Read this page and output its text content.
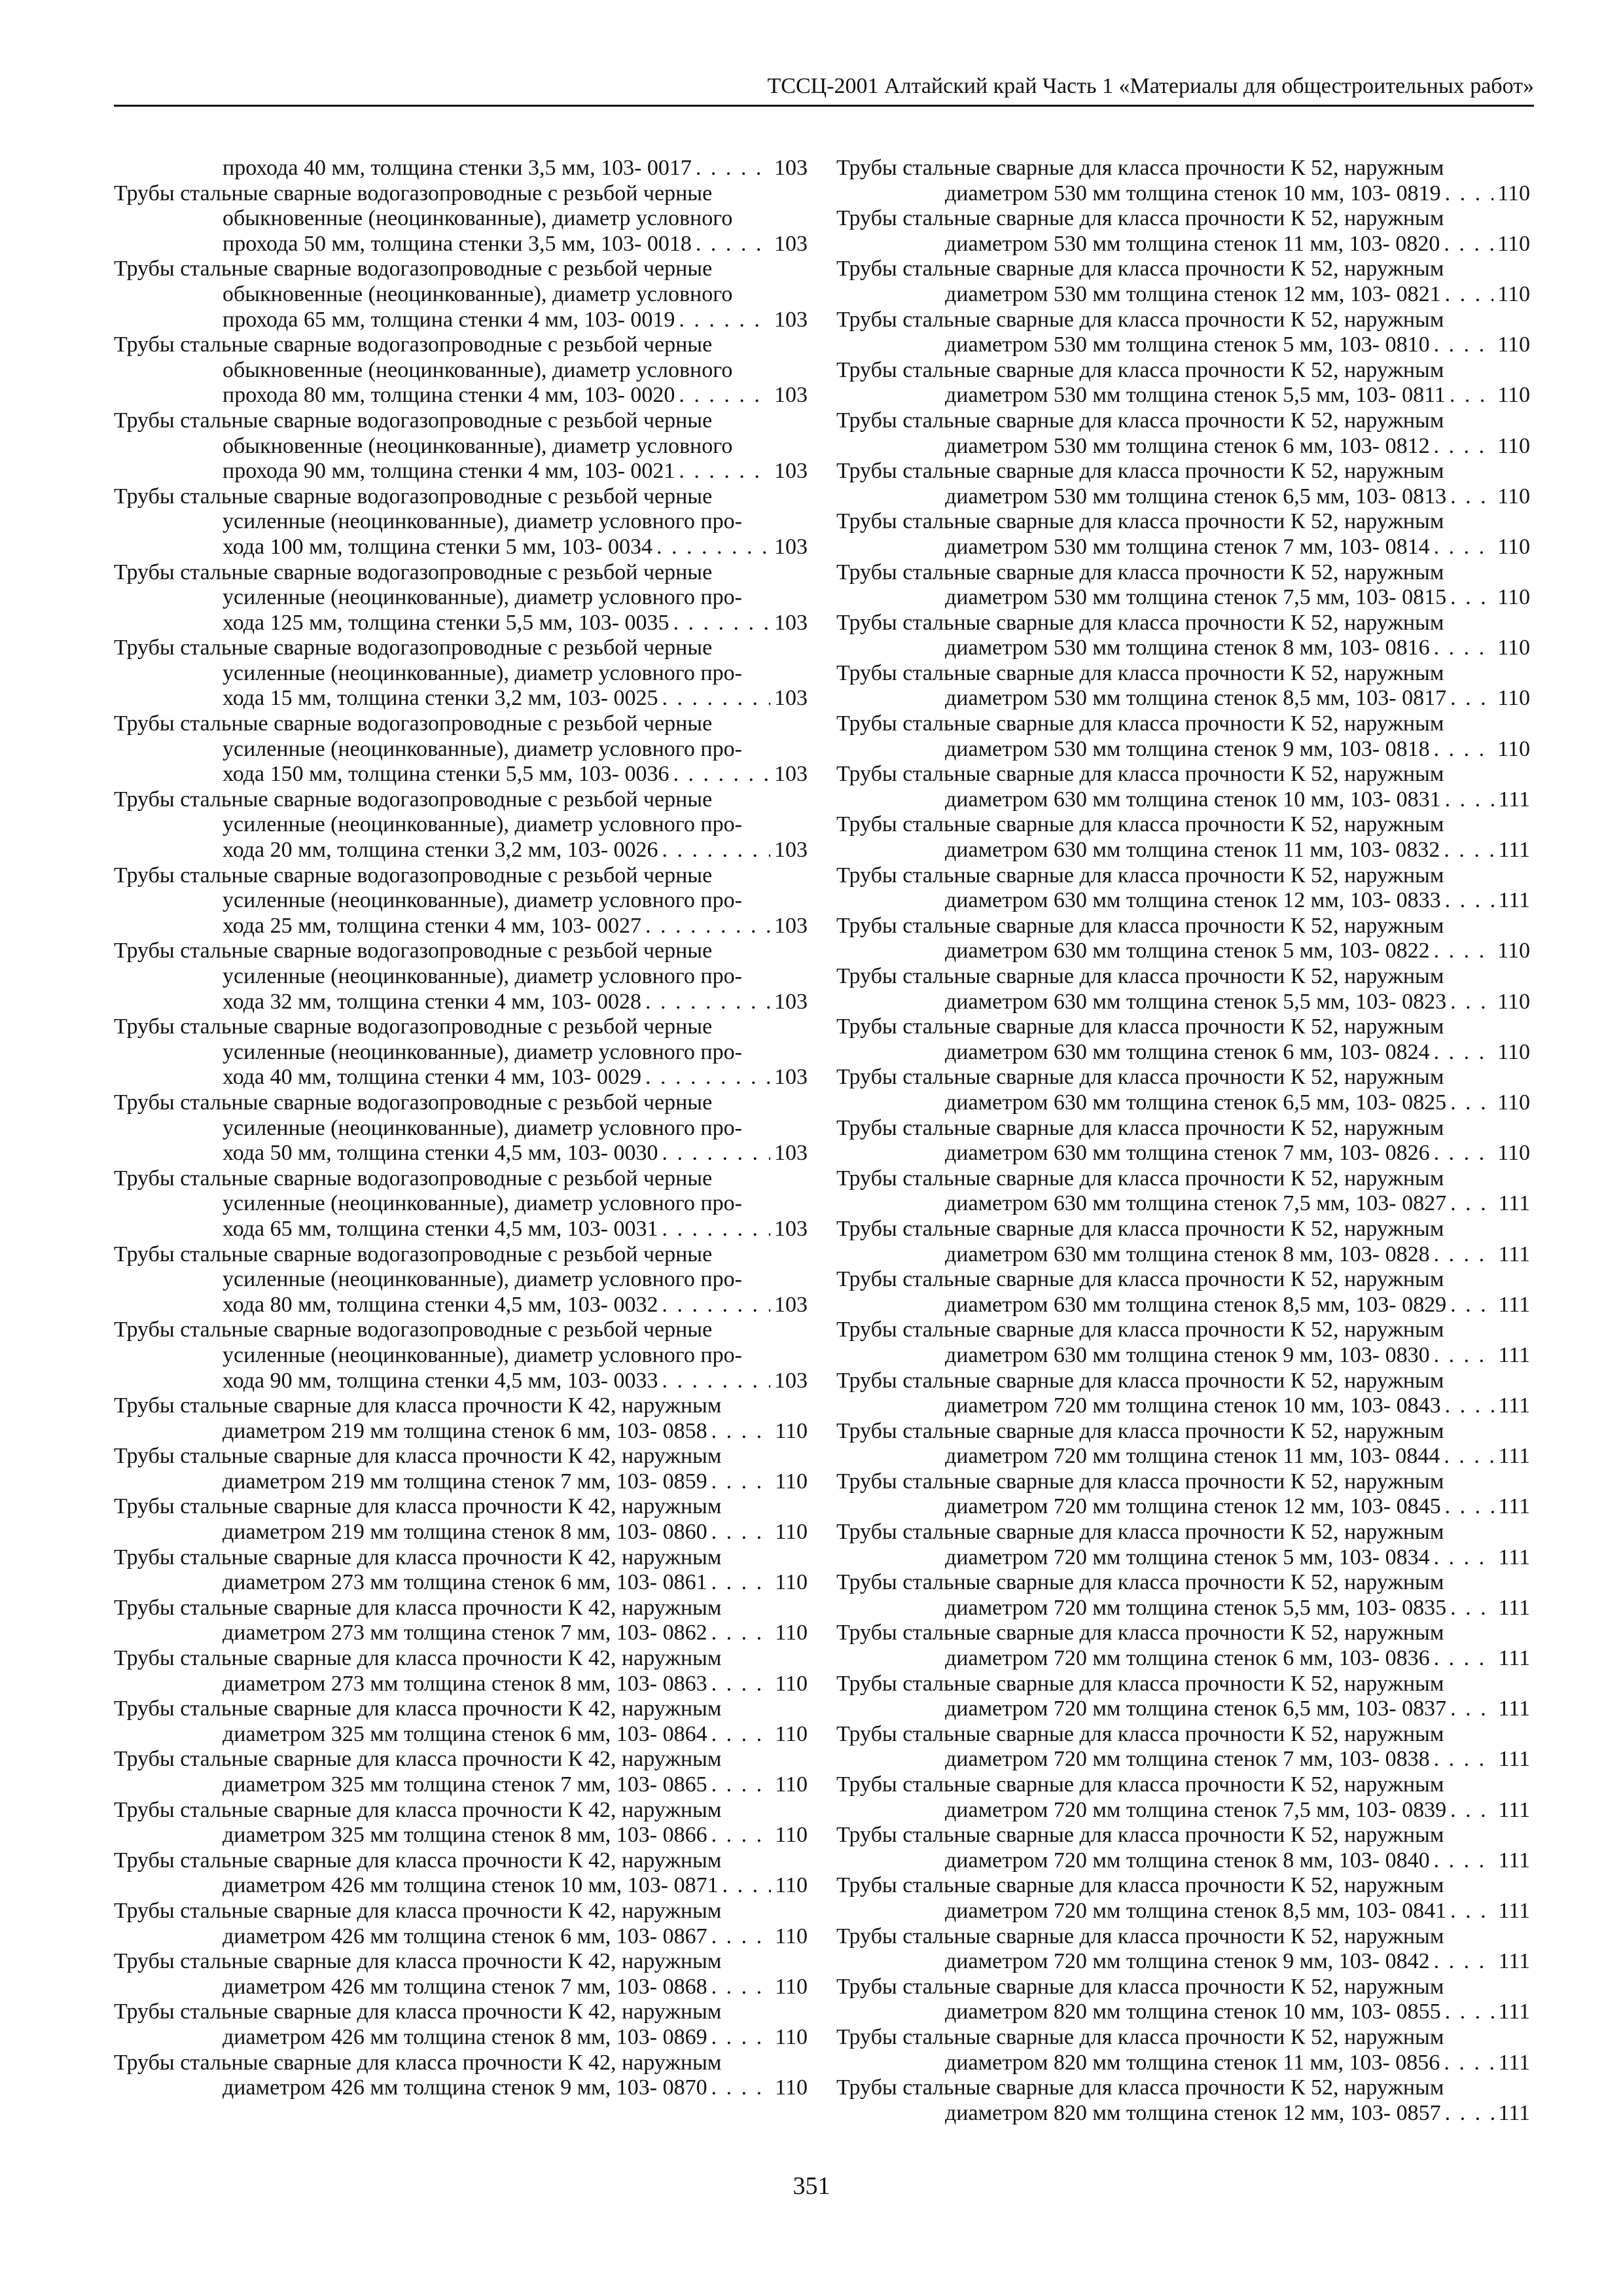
ТССЦ-2001 Алтайский край Часть 1 «Материалы для общестроительных работ»
прохода 40 мм, толщина стенки 3,5 мм, 103- 0017 . . .	103
Трубы стальные сварные водогазопроводные с резьбой черные
обыкновенные (неоцинкованные), диаметр условного
прохода 50 мм, толщина стенки 3,5 мм, 103- 0018 . . .	103
Трубы стальные сварные водогазопроводные с резьбой черные
обыкновенные (неоцинкованные), диаметр условного
прохода 65 мм, толщина стенки 4 мм, 103- 0019 . . .	103
Трубы стальные сварные водогазопроводные с резьбой черные
обыкновенные (неоцинкованные), диаметр условного
прохода 80 мм, толщина стенки 4 мм, 103- 0020 . . .	103
Трубы стальные сварные водогазопроводные с резьбой черные
обыкновенные (неоцинкованные), диаметр условного
прохода 90 мм, толщина стенки 4 мм, 103- 0021 . . .	103
Трубы стальные сварные водогазопроводные с резьбой черные
усиленные (неоцинкованные), диаметр условного про-
хода 100 мм, толщина стенки 5 мм, 103- 0034 . . .	103
Трубы стальные сварные водогазопроводные с резьбой черные
усиленные (неоцинкованные), диаметр условного про-
хода 125 мм, толщина стенки 5,5 мм, 103- 0035 . . .	103
Трубы стальные сварные водогазопроводные с резьбой черные
усиленные (неоцинкованные), диаметр условного про-
хода 15 мм, толщина стенки 3,2 мм, 103- 0025 . . .	103
Трубы стальные сварные водогазопроводные с резьбой черные
усиленные (неоцинкованные), диаметр условного про-
хода 150 мм, толщина стенки 5,5 мм, 103- 0036 . . .	103
Трубы стальные сварные водогазопроводные с резьбой черные
усиленные (неоцинкованные), диаметр условного про-
хода 20 мм, толщина стенки 3,2 мм, 103- 0026 . . .	103
Трубы стальные сварные водогазопроводные с резьбой черные
усиленные (неоцинкованные), диаметр условного про-
хода 25 мм, толщина стенки 4 мм, 103- 0027 . . .	103
Трубы стальные сварные водогазопроводные с резьбой черные
усиленные (неоцинкованные), диаметр условного про-
хода 32 мм, толщина стенки 4 мм, 103- 0028 . . .	103
Трубы стальные сварные водогазопроводные с резьбой черные
усиленные (неоцинкованные), диаметр условного про-
хода 40 мм, толщина стенки 4 мм, 103- 0029 . . .	103
Трубы стальные сварные водогазопроводные с резьбой черные
усиленные (неоцинкованные), диаметр условного про-
хода 50 мм, толщина стенки 4,5 мм, 103- 0030 . . .	103
Трубы стальные сварные водогазопроводные с резьбой черные
усиленные (неоцинкованные), диаметр условного про-
хода 65 мм, толщина стенки 4,5 мм, 103- 0031 . . .	103
Трубы стальные сварные водогазопроводные с резьбой черные
усиленные (неоцинкованные), диаметр условного про-
хода 80 мм, толщина стенки 4,5 мм, 103- 0032 . . .	103
Трубы стальные сварные водогазопроводные с резьбой черные
усиленные (неоцинкованные), диаметр условного про-
хода 90 мм, толщина стенки 4,5 мм, 103- 0033 . . .	103
Трубы стальные сварные для класса прочности К 42, наружным
диаметром 219 мм толщина стенок 6 мм, 103- 0858 . . .	110
Трубы стальные сварные для класса прочности К 42, наружным
диаметром 219 мм толщина стенок 7 мм, 103- 0859 . . .	110
Трубы стальные сварные для класса прочности К 42, наружным
диаметром 219 мм толщина стенок 8 мм, 103- 0860 . . .	110
Трубы стальные сварные для класса прочности К 42, наружным
диаметром 273 мм толщина стенок 6 мм, 103- 0861 . . .	110
Трубы стальные сварные для класса прочности К 42, наружным
диаметром 273 мм толщина стенок 7 мм, 103- 0862 . . .	110
Трубы стальные сварные для класса прочности К 42, наружным
диаметром 273 мм толщина стенок 8 мм, 103- 0863 . . .	110
Трубы стальные сварные для класса прочности К 42, наружным
диаметром 325 мм толщина стенок 6 мм, 103- 0864 . . .	110
Трубы стальные сварные для класса прочности К 42, наружным
диаметром 325 мм толщина стенок 7 мм, 103- 0865 . . .	110
Трубы стальные сварные для класса прочности К 42, наружным
диаметром 325 мм толщина стенок 8 мм, 103- 0866 . . .	110
Трубы стальные сварные для класса прочности К 42, наружным
диаметром 426 мм толщина стенок 10 мм, 103- 0871 . . .	110
Трубы стальные сварные для класса прочности К 42, наружным
диаметром 426 мм толщина стенок 6 мм, 103- 0867 . . .	110
Трубы стальные сварные для класса прочности К 42, наружным
диаметром 426 мм толщина стенок 7 мм, 103- 0868 . . .	110
Трубы стальные сварные для класса прочности К 42, наружным
диаметром 426 мм толщина стенок 8 мм, 103- 0869 . . .	110
Трубы стальные сварные для класса прочности К 42, наружным
диаметром 426 мм толщина стенок 9 мм, 103- 0870 . . .	110
Трубы стальные сварные для класса прочности К 52, наружным
диаметром 530 мм толщина стенок 10 мм, 103- 0819 . . .	110
Трубы стальные сварные для класса прочности К 52, наружным
диаметром 530 мм толщина стенок 11 мм, 103- 0820 . . .	110
Трубы стальные сварные для класса прочности К 52, наружным
диаметром 530 мм толщина стенок 12 мм, 103- 0821 . . .	110
Трубы стальные сварные для класса прочности К 52, наружным
диаметром 530 мм толщина стенок 5 мм, 103- 0810 . . .	110
Трубы стальные сварные для класса прочности К 52, наружным
диаметром 530 мм толщина стенок 5,5 мм, 103- 0811 . . . 110
Трубы стальные сварные для класса прочности К 52, наружным
диаметром 530 мм толщина стенок 6 мм, 103- 0812 . . .	110
Трубы стальные сварные для класса прочности К 52, наружным
диаметром 530 мм толщина стенок 6,5 мм, 103- 0813 . . . 110
Трубы стальные сварные для класса прочности К 52, наружным
диаметром 530 мм толщина стенок 7 мм, 103- 0814 . . .	110
Трубы стальные сварные для класса прочности К 52, наружным
диаметром 530 мм толщина стенок 7,5 мм, 103- 0815 . . . 110
Трубы стальные сварные для класса прочности К 52, наружным
диаметром 530 мм толщина стенок 8 мм, 103- 0816 . . .	110
Трубы стальные сварные для класса прочности К 52, наружным
диаметром 530 мм толщина стенок 8,5 мм, 103- 0817 . . . 110
Трубы стальные сварные для класса прочности К 52, наружным
диаметром 530 мм толщина стенок 9 мм, 103- 0818 . . .	110
Трубы стальные сварные для класса прочности К 52, наружным
диаметром 630 мм толщина стенок 10 мм, 103- 0831 . . .	111
Трубы стальные сварные для класса прочности К 52, наружным
диаметром 630 мм толщина стенок 11 мм, 103- 0832 . . .	111
Трубы стальные сварные для класса прочности К 52, наружным
диаметром 630 мм толщина стенок 12 мм, 103- 0833 . . .	111
Трубы стальные сварные для класса прочности К 52, наружным
диаметром 630 мм толщина стенок 5 мм, 103- 0822 . . .	110
Трубы стальные сварные для класса прочности К 52, наружным
диаметром 630 мм толщина стенок 5,5 мм, 103- 0823 . . . 110
Трубы стальные сварные для класса прочности К 52, наружным
диаметром 630 мм толщина стенок 6 мм, 103- 0824 . . .	110
Трубы стальные сварные для класса прочности К 52, наружным
диаметром 630 мм толщина стенок 6,5 мм, 103- 0825 . . . 110
Трубы стальные сварные для класса прочности К 52, наружным
диаметром 630 мм толщина стенок 7 мм, 103- 0826 . . .	110
Трубы стальные сварные для класса прочности К 52, наружным
диаметром 630 мм толщина стенок 7,5 мм, 103- 0827 . . . 111
Трубы стальные сварные для класса прочности К 52, наружным
диаметром 630 мм толщина стенок 8 мм, 103- 0828 . . .	111
Трубы стальные сварные для класса прочности К 52, наружным
диаметром 630 мм толщина стенок 8,5 мм, 103- 0829 . . . 111
Трубы стальные сварные для класса прочности К 52, наружным
диаметром 630 мм толщина стенок 9 мм, 103- 0830 . . .	111
Трубы стальные сварные для класса прочности К 52, наружным
диаметром 720 мм толщина стенок 10 мм, 103- 0843 . . .	111
Трубы стальные сварные для класса прочности К 52, наружным
диаметром 720 мм толщина стенок 11 мм, 103- 0844 . . .	111
Трубы стальные сварные для класса прочности К 52, наружным
диаметром 720 мм толщина стенок 12 мм, 103- 0845 . . .	111
Трубы стальные сварные для класса прочности К 52, наружным
диаметром 720 мм толщина стенок 5 мм, 103- 0834 . . .	111
Трубы стальные сварные для класса прочности К 52, наружным
диаметром 720 мм толщина стенок 5,5 мм, 103- 0835 . . . 111
Трубы стальные сварные для класса прочности К 52, наружным
диаметром 720 мм толщина стенок 6 мм, 103- 0836 . . .	111
Трубы стальные сварные для класса прочности К 52, наружным
диаметром 720 мм толщина стенок 6,5 мм, 103- 0837 . . . 111
Трубы стальные сварные для класса прочности К 52, наружным
диаметром 720 мм толщина стенок 7 мм, 103- 0838 . . .	111
Трубы стальные сварные для класса прочности К 52, наружным
диаметром 720 мм толщина стенок 7,5 мм, 103- 0839 . . . 111
Трубы стальные сварные для класса прочности К 52, наружным
диаметром 720 мм толщина стенок 8 мм, 103- 0840 . . .	111
Трубы стальные сварные для класса прочности К 52, наружным
диаметром 720 мм толщина стенок 8,5 мм, 103- 0841 . . . 111
Трубы стальные сварные для класса прочности К 52, наружным
диаметром 720 мм толщина стенок 9 мм, 103- 0842 . . .	111
Трубы стальные сварные для класса прочности К 52, наружным
диаметром 820 мм толщина стенок 10 мм, 103- 0855 . . .	111
Трубы стальные сварные для класса прочности К 52, наружным
диаметром 820 мм толщина стенок 11 мм, 103- 0856 . . .	111
Трубы стальные сварные для класса прочности К 52, наружным
диаметром 820 мм толщина стенок 12 мм, 103- 0857 . . .	111
351
